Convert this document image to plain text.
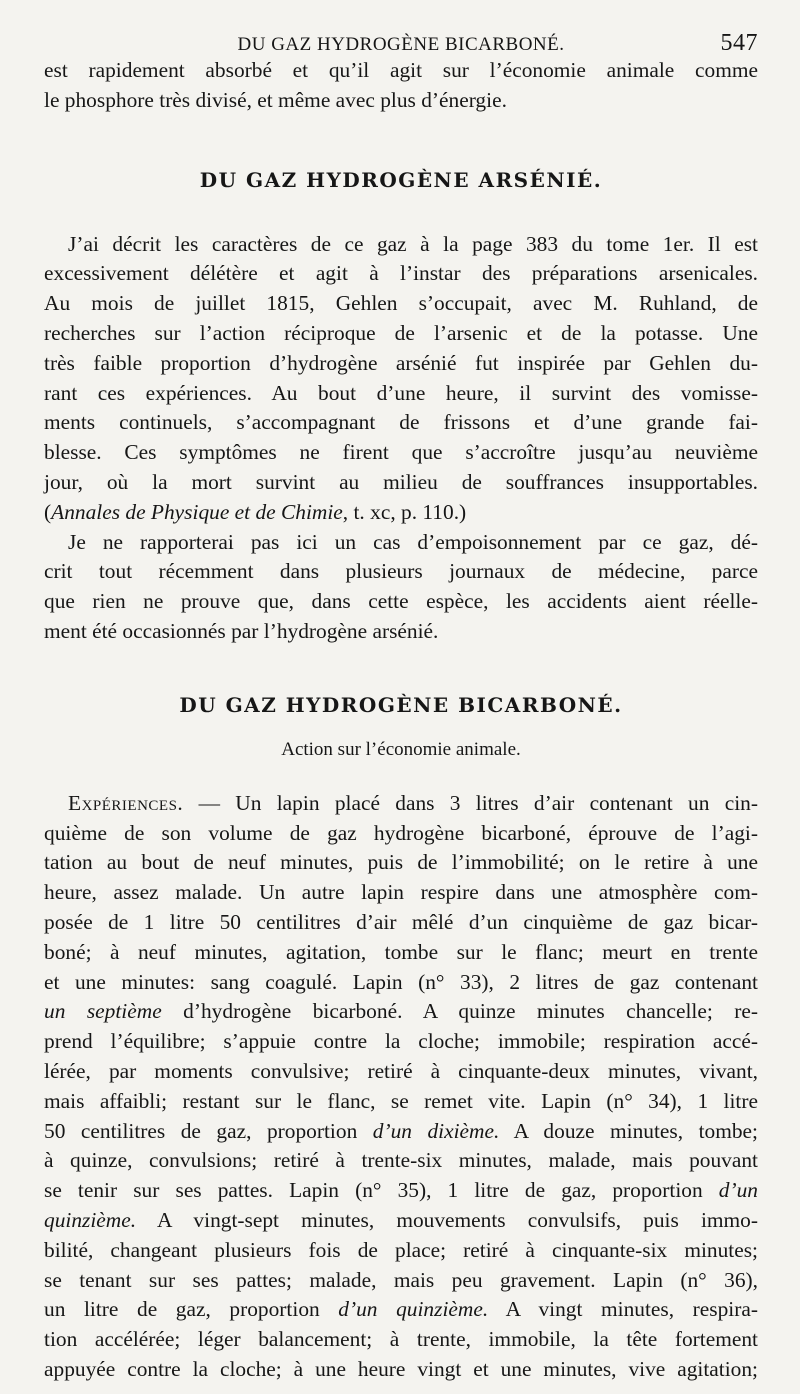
DU GAZ HYDROGÈNE BICARBONÉ.	547

est rapidement absorbé et qu’il agit sur l’économie animale comme

le phosphore très divisé, et même avec plus d’énergie.

DU GAZ HYDROGÈNE ARSÉNIÉ.

J’ai décrit les caractères de ce gaz à la page 383 du tome 1er. Il est

excessivement délétère et agit à l’instar des préparations arsenicales.

Au mois de juillet 1815, Gehlen s’occupait, avec M. Ruhland, de

recherches sur l’action réciproque de l’arsenic et de la potasse. Une

très faible proportion d’hydrogène arsénié fut inspirée par Gehlen du-

rant ces expériences. Au bout d’une heure, il survint des vomisse-

ments continuels, s’accompagnant de frissons et d’une grande fai-

blesse. Ces symptômes ne firent que s’accroître jusqu’au neuvième

jour, où la mort survint au milieu de souffrances insupportables.

(Annales de Physique et de Chimie, t. xc, p. 110.)

Je ne rapporterai pas ici un cas d’empoisonnement par ce gaz, dé-

crit tout récemment dans plusieurs journaux de médecine, parce

que rien ne prouve que, dans cette espèce, les accidents aient réelle-

ment été occasionnés par l’hydrogène arsénié.

DU GAZ HYDROGÈNE BICARBONÉ.
Action sur l’économie animale.

Expériences. — Un lapin placé dans 3 litres d’air contenant un cin-

quième de son volume de gaz hydrogène bicarboné, éprouve de l’agi-

tation au bout de neuf minutes, puis de l’immobilité; on le retire à une

heure, assez malade. Un autre lapin respire dans une atmosphère com-

posée de 1 litre 50 centilitres d’air mêlé d’un cinquième de gaz bicar-

boné; à neuf minutes, agitation, tombe sur le flanc; meurt en trente

et une minutes: sang coagulé. Lapin (n° 33), 2 litres de gaz contenant

un septième d’hydrogène bicarboné. A quinze minutes chancelle; re-

prend l’équilibre; s’appuie contre la cloche; immobile; respiration accé-

lérée, par moments convulsive; retiré à cinquante-deux minutes, vivant,

mais affaibli; restant sur le flanc, se remet vite. Lapin (n° 34), 1 litre

50 centilitres de gaz, proportion d’un dixième. A douze minutes, tombe;

à quinze, convulsions; retiré à trente-six minutes, malade, mais pouvant

se tenir sur ses pattes. Lapin (n° 35), 1 litre de gaz, proportion d’un

quinzième. A vingt-sept minutes, mouvements convulsifs, puis immo-

bilité, changeant plusieurs fois de place; retiré à cinquante-six minutes;

se tenant sur ses pattes; malade, mais peu gravement. Lapin (n° 36),

un litre de gaz, proportion d’un quinzième. A vingt minutes, respira-

tion accélérée; léger balancement; à trente, immobile, la tête fortement

appuyée contre la cloche; à une heure vingt et une minutes, vive agitation;
